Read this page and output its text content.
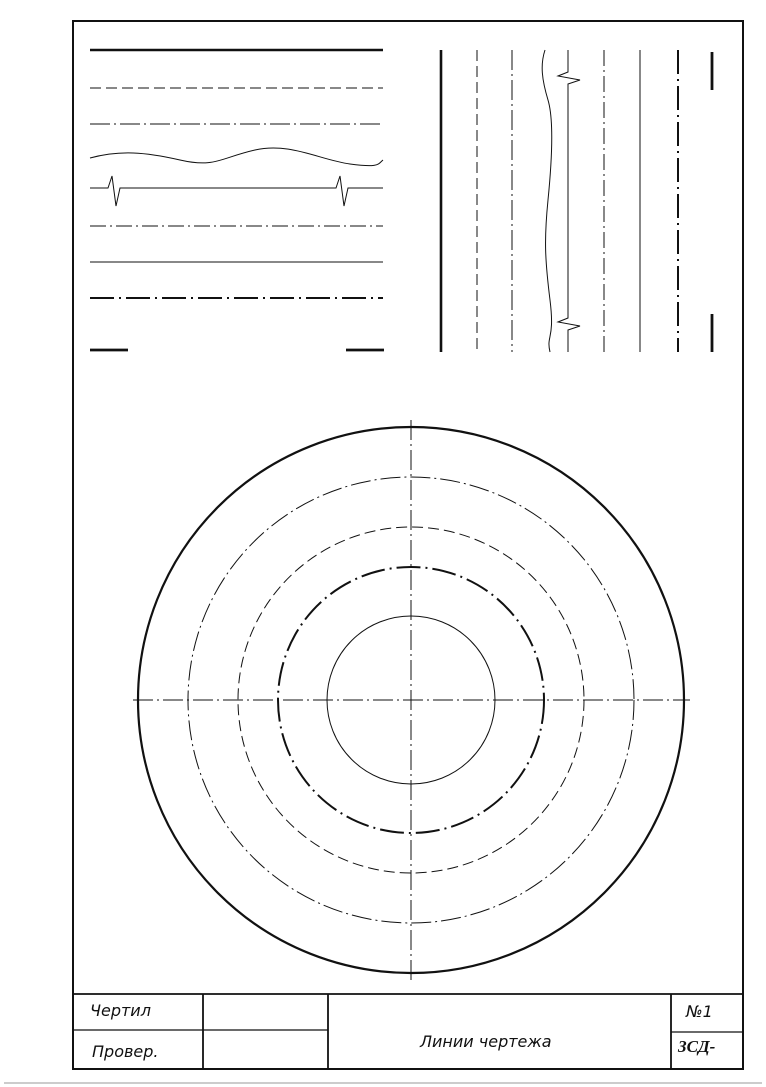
Чертил
Провер.
Линии чертежа
№1
ЗСД-
